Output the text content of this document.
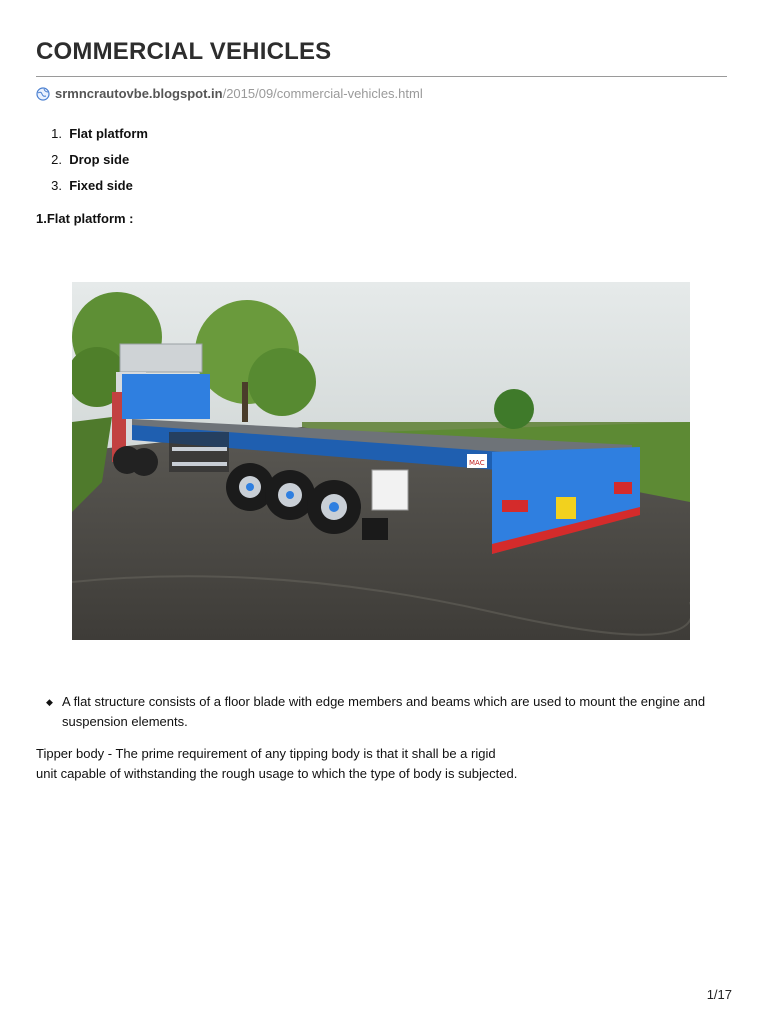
COMMERCIAL VEHICLES
srmncrautovbe.blogspot.in /2015/09/commercial-vehicles.html
1.
Flat platform
2.
Drop side
3.
Fixed side
1.Flat platform :
MAC
◆ A flat structure consists of a floor blade with edge members and beams which are used to mount the engine and suspension elements.
Tipper body - The prime requirement of any tipping body is that it shall be a rigid
unit capable of withstanding the rough usage to which the type of body is subjected.
1/17
